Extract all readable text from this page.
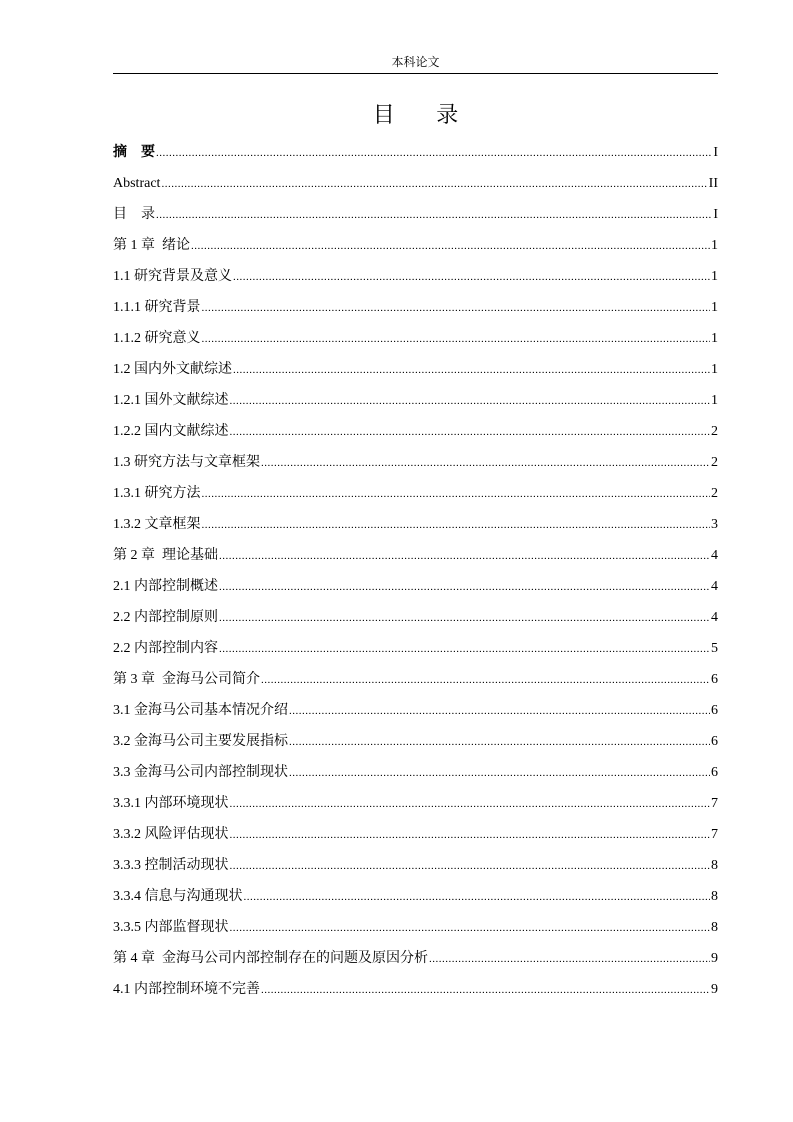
本科论文
目 录
摘　要 .....	I
Abstract .....	II
目　录 .....	I
第 1 章  绪论 .....	1
1.1 研究背景及意义 .....	1
1.1.1 研究背景 .....	1
1.1.2 研究意义 .....	1
1.2 国内外文献综述 .....	1
1.2.1 国外文献综述 .....	1
1.2.2 国内文献综述 .....	2
1.3 研究方法与文章框架 .....	2
1.3.1 研究方法 .....	2
1.3.2 文章框架 .....	3
第 2 章  理论基础 .....	4
2.1 内部控制概述 .....	4
2.2 内部控制原则 .....	4
2.2 内部控制内容 .....	5
第 3 章  金海马公司简介 .....	6
3.1 金海马公司基本情况介绍 .....	6
3.2 金海马公司主要发展指标 .....	6
3.3 金海马公司内部控制现状 .....	6
3.3.1 内部环境现状 .....	7
3.3.2 风险评估现状 .....	7
3.3.3 控制活动现状 .....	8
3.3.4 信息与沟通现状 .....	8
3.3.5 内部监督现状 .....	8
第 4 章  金海马公司内部控制存在的问题及原因分析 .....	9
4.1 内部控制环境不完善 .....	9
